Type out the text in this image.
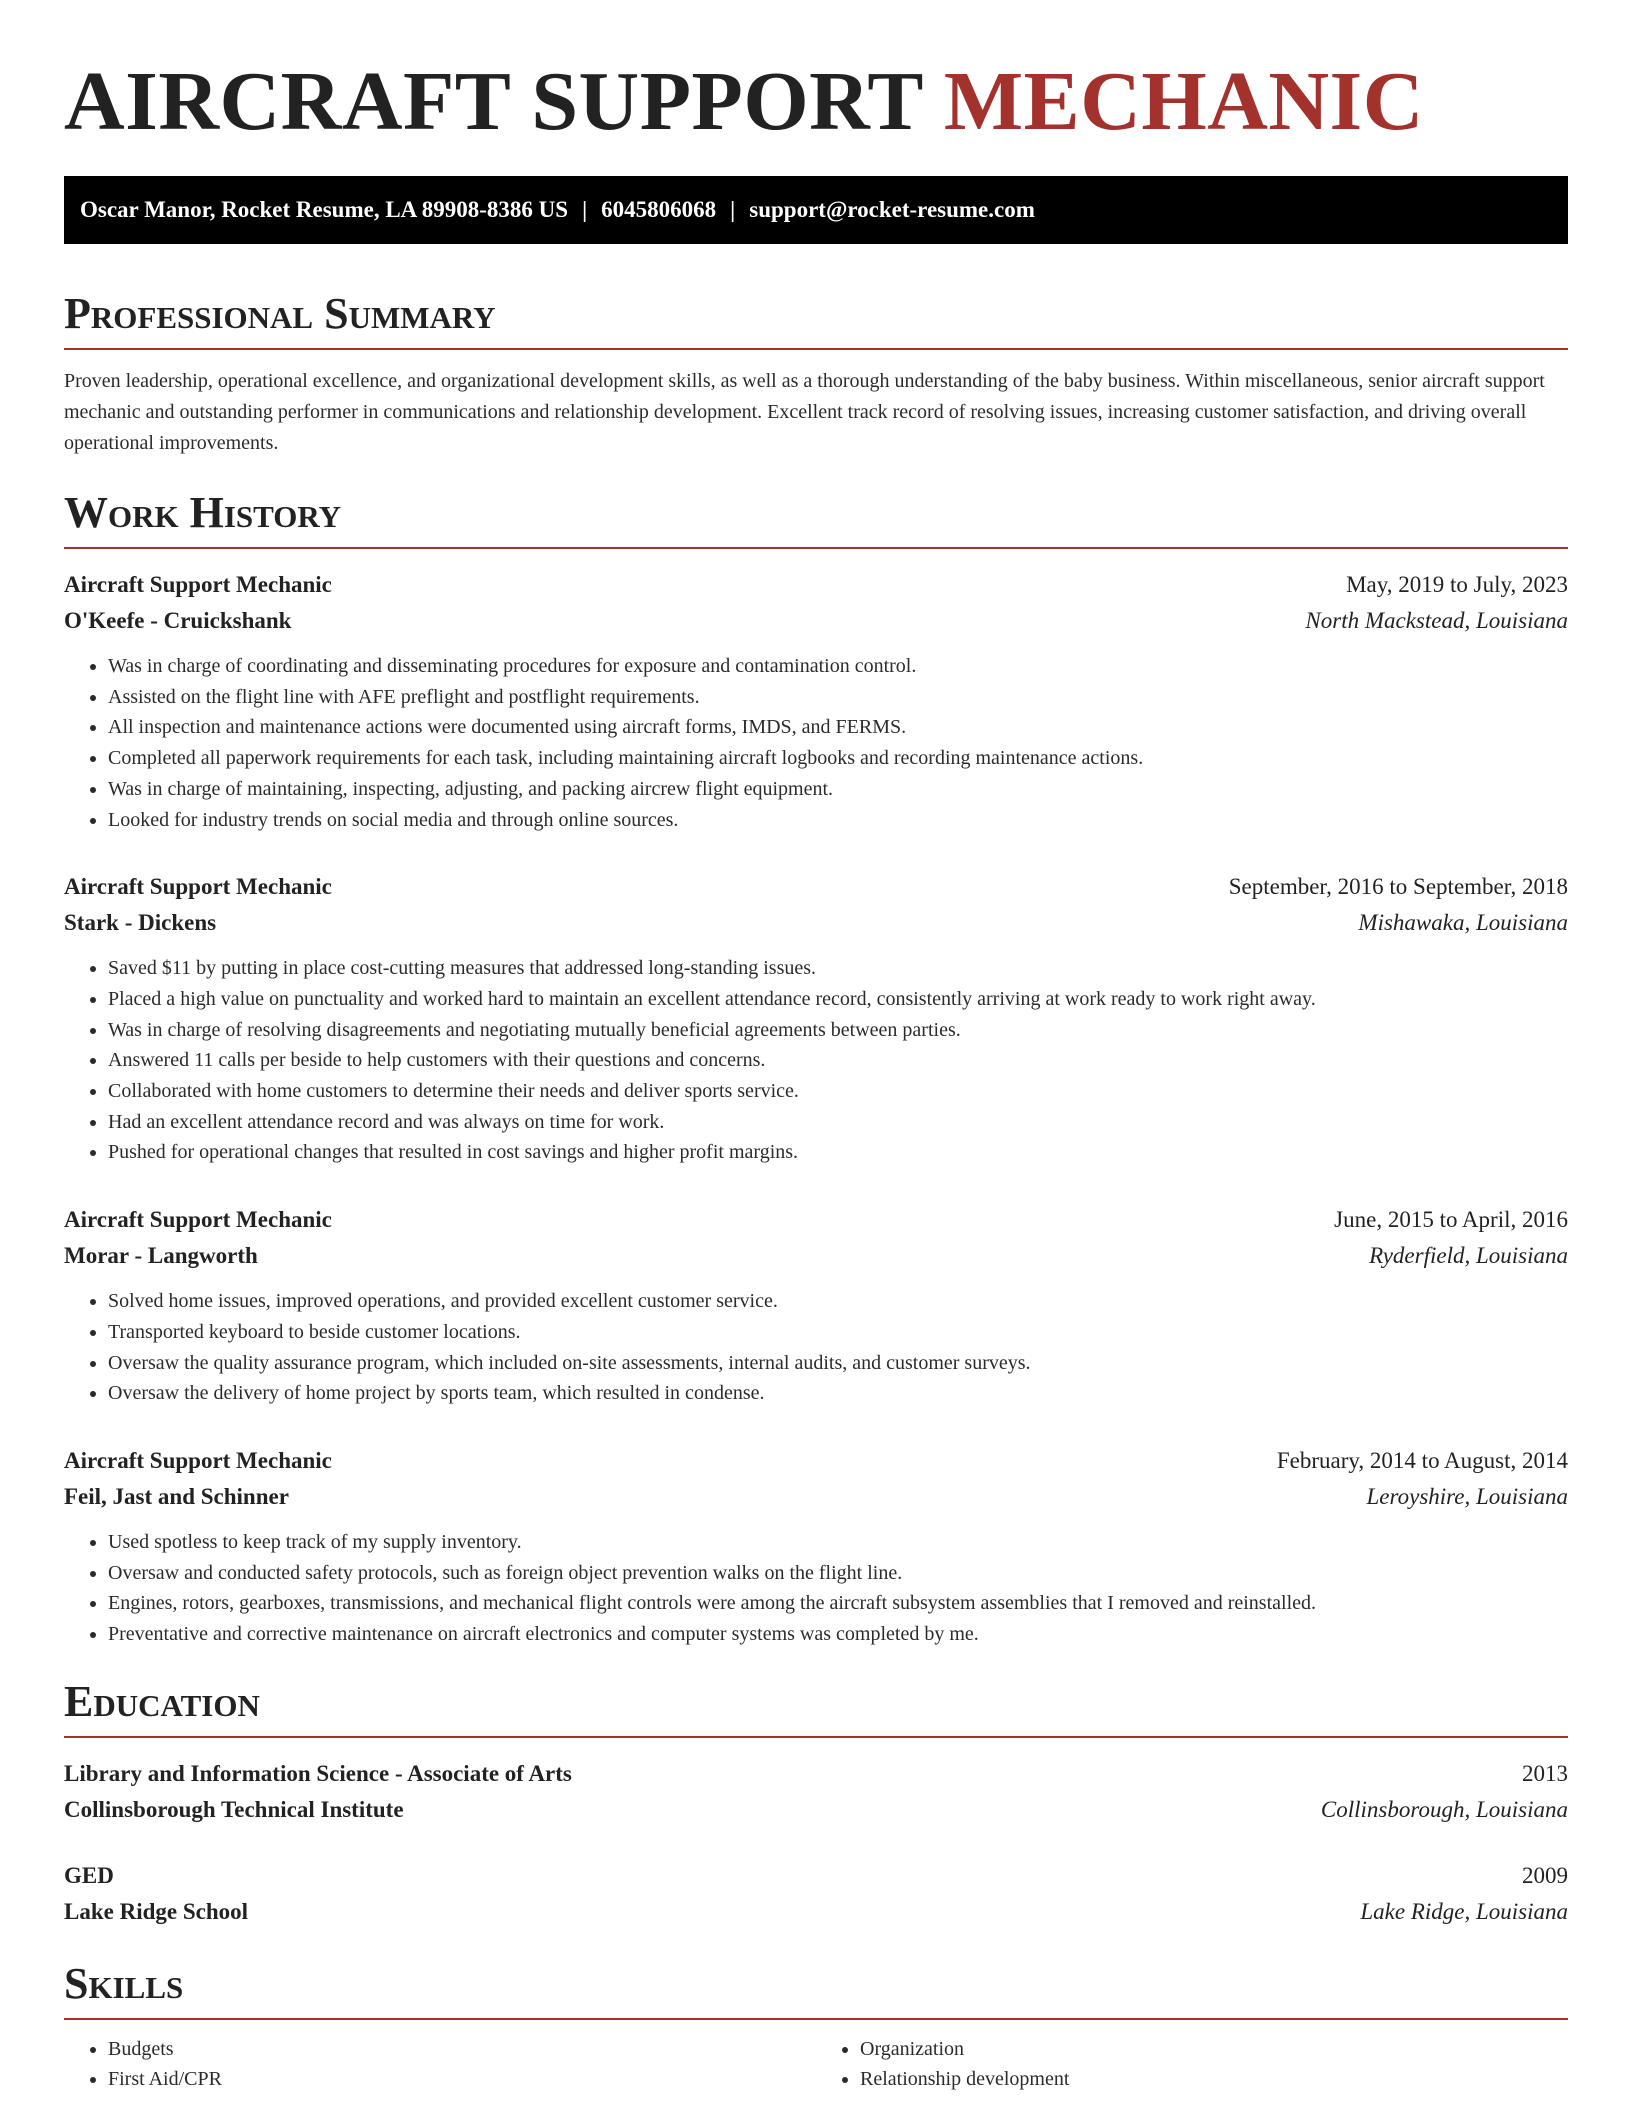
AIRCRAFT SUPPORT MECHANIC
Oscar Manor, Rocket Resume, LA 89908-8386 US | 6045806068 | support@rocket-resume.com
Professional Summary

Proven leadership, operational excellence, and organizational development skills, as well as a thorough understanding of the baby business. Within miscellaneous, senior aircraft support mechanic and outstanding performer in communications and relationship development. Excellent track record of resolving issues, increasing customer satisfaction, and driving overall operational improvements.

Work History
Aircraft Support Mechanic	May, 2019 to July, 2023
O'Keefe - Cruickshank	North Mackstead, Louisiana
• Was in charge of coordinating and disseminating procedures for exposure and contamination control.
• Assisted on the flight line with AFE preflight and postflight requirements.
• All inspection and maintenance actions were documented using aircraft forms, IMDS, and FERMS.
• Completed all paperwork requirements for each task, including maintaining aircraft logbooks and recording maintenance actions.
• Was in charge of maintaining, inspecting, adjusting, and packing aircrew flight equipment.
• Looked for industry trends on social media and through online sources.
Aircraft Support Mechanic	September, 2016 to September, 2018
Stark - Dickens	Mishawaka, Louisiana
• Saved $11 by putting in place cost-cutting measures that addressed long-standing issues.
• Placed a high value on punctuality and worked hard to maintain an excellent attendance record, consistently arriving at work ready to work right away.
• Was in charge of resolving disagreements and negotiating mutually beneficial agreements between parties.
• Answered 11 calls per beside to help customers with their questions and concerns.
• Collaborated with home customers to determine their needs and deliver sports service.
• Had an excellent attendance record and was always on time for work.
• Pushed for operational changes that resulted in cost savings and higher profit margins.
Aircraft Support Mechanic	June, 2015 to April, 2016
Morar - Langworth	Ryderfield, Louisiana
• Solved home issues, improved operations, and provided excellent customer service.
• Transported keyboard to beside customer locations.
• Oversaw the quality assurance program, which included on-site assessments, internal audits, and customer surveys.
• Oversaw the delivery of home project by sports team, which resulted in condense.
Aircraft Support Mechanic	February, 2014 to August, 2014
Feil, Jast and Schinner	Leroyshire, Louisiana
• Used spotless to keep track of my supply inventory.
• Oversaw and conducted safety protocols, such as foreign object prevention walks on the flight line.
• Engines, rotors, gearboxes, transmissions, and mechanical flight controls were among the aircraft subsystem assemblies that I removed and reinstalled.
• Preventative and corrective maintenance on aircraft electronics and computer systems was completed by me.
Education
Library and Information Science - Associate of Arts	2013
Collinsborough Technical Institute	Collinsborough, Louisiana
GED	2009
Lake Ridge School	Lake Ridge, Louisiana
Skills
• Budgets
• First Aid/CPR
• Organization
• Relationship development
